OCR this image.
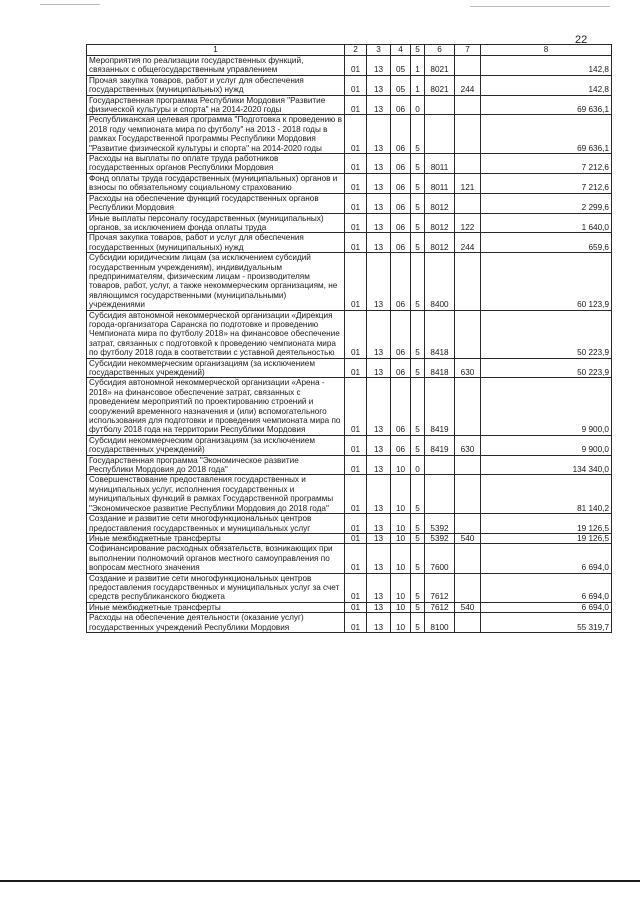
22
1	2	3	4	5	6	7	8
Мероприятия по реализации государственных функций, связанных с общегосударственным управлением	01	13	05	1	8021		142,8
Прочая закупка товаров, работ и услуг для обеспечения государственных (муниципальных) нужд	01	13	05	1	8021	244	142,8
Государственная программа Республики Мордовия "Развитие физической культуры и спорта" на 2014-2020 годы	01	13	06	0			69 636,1
Республиканская целевая программа "Подготовка к проведению в 2018 году чемпионата мира по футболу" на 2013 - 2018 годы в рамках Государственной программы Республики Мордовия "Развитие физической культуры и спорта" на 2014-2020 годы	01	13	06	5			69 636,1
Расходы на выплаты по оплате труда работников государственных органов Республики Мордовия	01	13	06	5	8011		7 212,6
Фонд оплаты труда государственных (муниципальных) органов и взносы по обязательному социальному страхованию	01	13	06	5	8011	121	7 212,6
Расходы на обеспечение функций государственных органов Республики Мордовия	01	13	06	5	8012		2 299,6
Иные выплаты персоналу государственных (муниципальных) органов, за исключением фонда оплаты труда	01	13	06	5	8012	122	1 640,0
Прочая закупка товаров, работ и услуг для обеспечения государственных (муниципальных) нужд	01	13	06	5	8012	244	659,6
Субсидии юридическим лицам (за исключением субсидий государственным учреждениям), индивидуальным предпринимателям, физическим лицам - производителям товаров, работ, услуг, а также некоммерческим организациям, не являющимся государственными (муниципальными) учреждениями	01	13	06	5	8400		60 123,9
Субсидия автономной некоммерческой организации «Дирекция города-организатора Саранска по подготовке и проведению Чемпионата мира по футболу 2018» на финансовое обеспечение затрат, связанных с подготовкой к проведению чемпионата мира по футболу 2018 года в соответствии с уставной деятельностью	01	13	06	5	8418		50 223,9
Субсидии некоммерческим организациям (за исключением государственных учреждений)	01	13	06	5	8418	630	50 223,9
Субсидия автономной некоммерческой организации «Арена - 2018» на финансовое обеспечение затрат, связанных с проведением мероприятий по проектированию строений и сооружений временного назначения и (или) вспомогательного использования для подготовки и проведения чемпионата мира по футболу 2018 года на территории Республики Мордовия	01	13	06	5	8419		9 900,0
Субсидии некоммерческим организациям (за исключением государственных учреждений)	01	13	06	5	8419	630	9 900,0
Государственная программа "Экономическое развитие Республики Мордовия до 2018 года"	01	13	10	0			134 340,0
Совершенствование предоставления государственных и муниципальных услуг, исполнения государственных и муниципальных функций в рамках Государственной программы "Экономическое развитие Республики Мордовия до 2018 года"	01	13	10	5			81 140,2
Создание и развитие сети многофункциональных центров предоставления государственных и муниципальных услуг	01	13	10	5	5392		19 126,5
Иные межбюджетные трансферты	01	13	10	5	5392	540	19 126,5
Софинансирование расходных обязательств, возникающих при выполнении полномочий органов местного самоуправления по вопросам местного значения	01	13	10	5	7600		6 694,0
Создание и развитие сети многофункциональных центров предоставления государственных и муниципальных услуг за счет средств республиканского бюджета	01	13	10	5	7612		6 694,0
Иные межбюджетные трансферты	01	13	10	5	7612	540	6 694,0
Расходы на обеспечение деятельности (оказание услуг) государственных учреждений Республики Мордовия	01	13	10	5	8100		55 319,7
